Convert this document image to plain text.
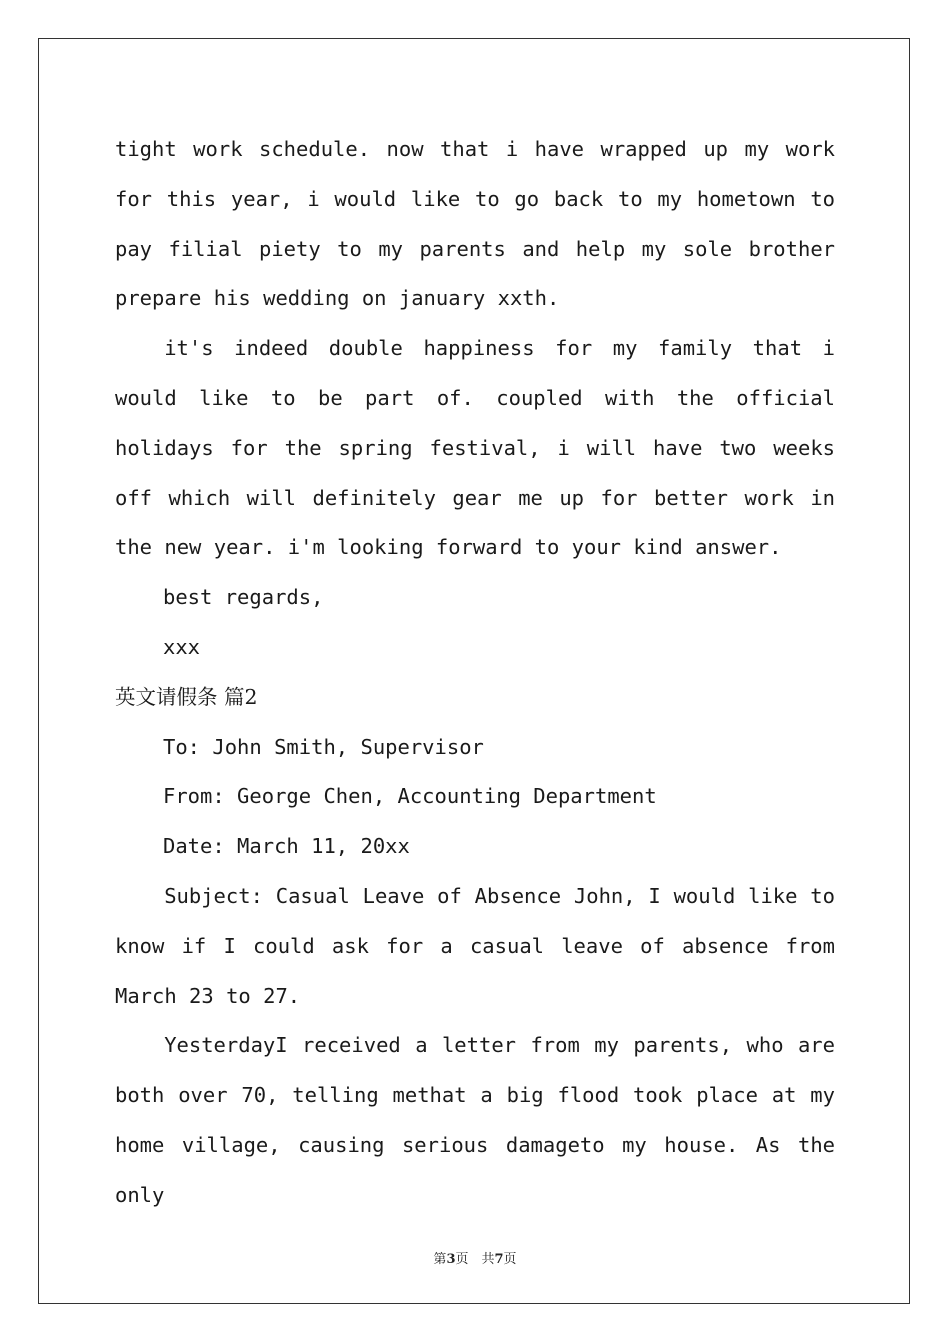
tight work schedule. now that i have wrapped up my work for this year, i would like to go back to my hometown to pay filial piety to my parents and help my sole brother prepare his wedding on january xxth.

it's indeed double happiness for my family that i would like to be part of. coupled with the official holidays for the spring festival, i will have two weeks off which will definitely gear me up for better work in the new year. i'm looking forward to your kind answer.

best regards,

xxx

英文请假条 篇2

To: John Smith, Supervisor

From: George Chen, Accounting Department

Date: March 11, 20xx

Subject: Casual Leave of Absence John, I would like to know if I could ask for a casual leave of absence from March 23 to 27.

YesterdayI received a letter from my parents, who are both over 70, telling methat a big flood took place at my home village, causing serious damageto my house. As the only

第3页　共7页
